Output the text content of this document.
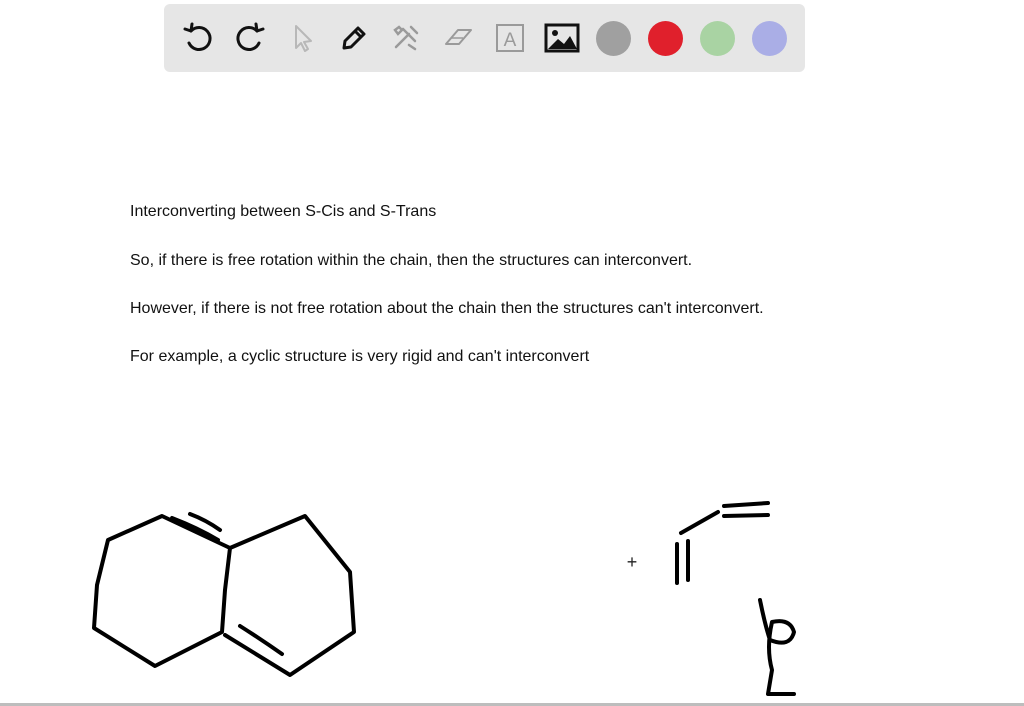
A

Interconverting between S-Cis and S-Trans

So, if there is free rotation within the chain, then the structures can interconvert.

However, if there is not free rotation about the chain then the structures can't interconvert.

For example, a cyclic structure is very rigid and can't interconvert

+
